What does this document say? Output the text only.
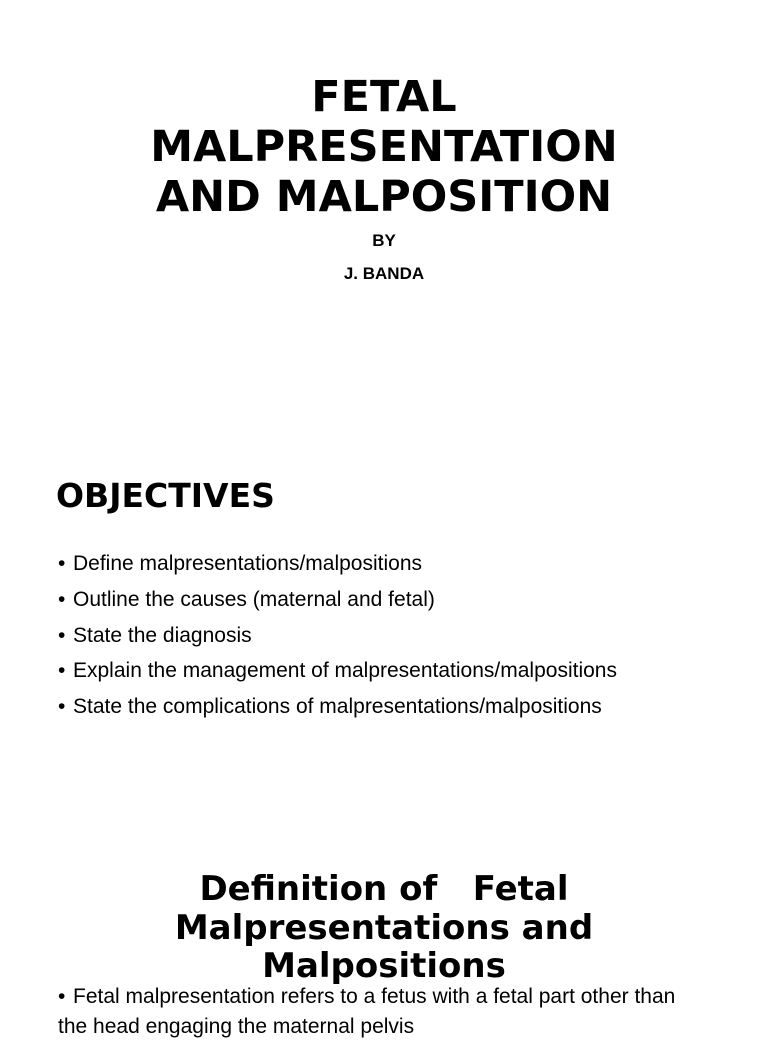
FETAL
MALPRESENTATION
AND MALPOSITION
BY
J. BANDA
OBJECTIVES
• Define malpresentations/malpositions
• Outline the causes (maternal and fetal)
• State the diagnosis
• Explain the management of malpresentations/malpositions
• State the complications of malpresentations/malpositions
Definition of   Fetal
Malpresentations and
Malpositions
• Fetal malpresentation refers to a fetus with a fetal part other than the head engaging the maternal pelvis
